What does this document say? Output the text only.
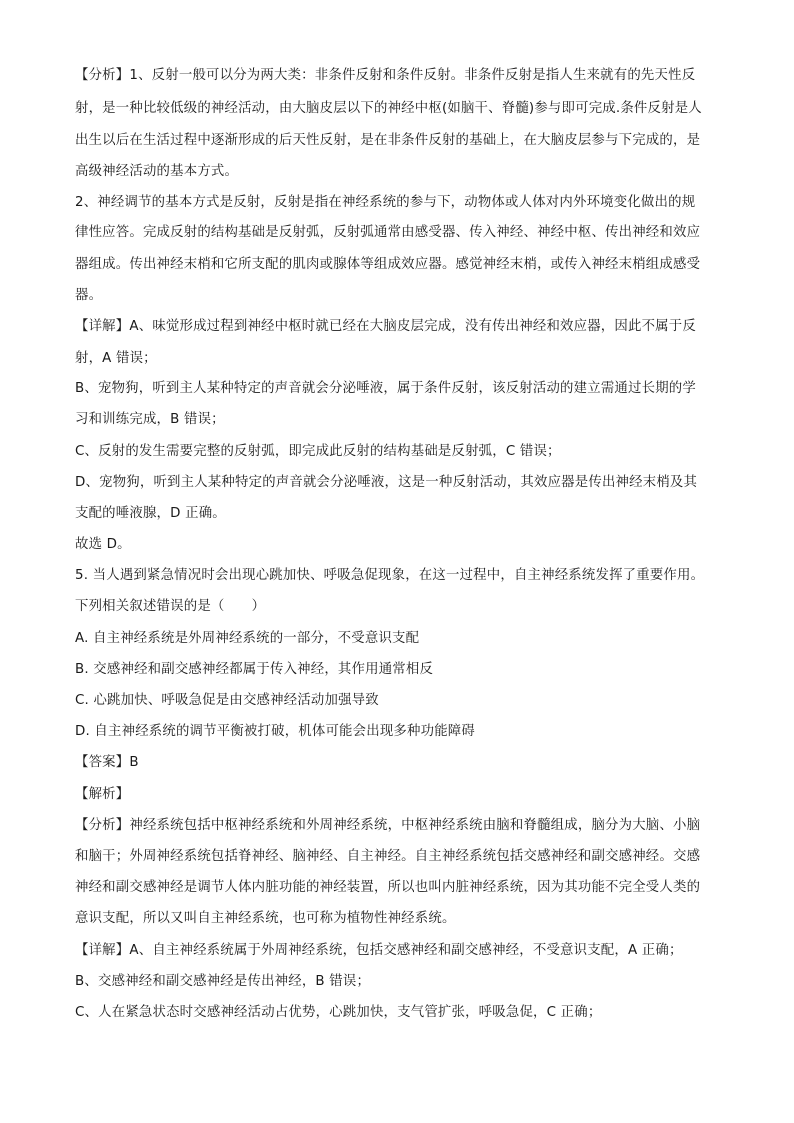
【分析】1、反射一般可以分为两大类：非条件反射和条件反射。非条件反射是指人生来就有的先天性反
射，是一种比较低级的神经活动，由大脑皮层以下的神经中枢(如脑干、脊髓)参与即可完成.条件反射是人
出生以后在生活过程中逐渐形成的后天性反射，是在非条件反射的基础上，在大脑皮层参与下完成的，是
高级神经活动的基本方式。
2、神经调节的基本方式是反射，反射是指在神经系统的参与下，动物体或人体对内外环境变化做出的规
律性应答。完成反射的结构基础是反射弧，反射弧通常由感受器、传入神经、神经中枢、传出神经和效应
器组成。传出神经末梢和它所支配的肌肉或腺体等组成效应器。感觉神经末梢，或传入神经末梢组成感受
器。
【详解】A、味觉形成过程到神经中枢时就已经在大脑皮层完成，没有传出神经和效应器，因此不属于反
射，A 错误；
B、宠物狗，听到主人某种特定的声音就会分泌唾液，属于条件反射，该反射活动的建立需通过长期的学
习和训练完成，B 错误；
C、反射的发生需要完整的反射弧，即完成此反射的结构基础是反射弧，C 错误；
D、宠物狗，听到主人某种特定的声音就会分泌唾液，这是一种反射活动，其效应器是传出神经末梢及其
支配的唾液腺，D 正确。
故选 D。
5. 当人遇到紧急情况时会出现心跳加快、呼吸急促现象，在这一过程中，自主神经系统发挥了重要作用。
下列相关叙述错误的是（　　）
A. 自主神经系统是外周神经系统的一部分，不受意识支配
B. 交感神经和副交感神经都属于传入神经，其作用通常相反
C. 心跳加快、呼吸急促是由交感神经活动加强导致
D. 自主神经系统的调节平衡被打破，机体可能会出现多种功能障碍
【答案】B
【解析】
【分析】神经系统包括中枢神经系统和外周神经系统，中枢神经系统由脑和脊髓组成，脑分为大脑、小脑
和脑干；外周神经系统包括脊神经、脑神经、自主神经。自主神经系统包括交感神经和副交感神经。交感
神经和副交感神经是调节人体内脏功能的神经装置，所以也叫内脏神经系统，因为其功能不完全受人类的
意识支配，所以又叫自主神经系统，也可称为植物性神经系统。
【详解】A、自主神经系统属于外周神经系统，包括交感神经和副交感神经，不受意识支配，A 正确；
B、交感神经和副交感神经是传出神经，B 错误；
C、人在紧急状态时交感神经活动占优势，心跳加快，支气管扩张，呼吸急促，C 正确；
